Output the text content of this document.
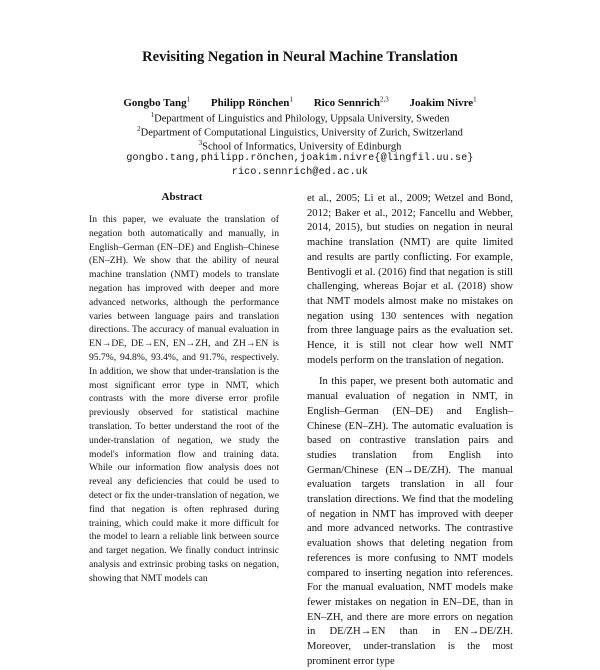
Revisiting Negation in Neural Machine Translation
Gongbo Tang$^1$ Philipp Rönchen$^1$ Rico Sennrich$^{2,3}$ Joakim Nivre$^1$
$^1$Department of Linguistics and Philology, Uppsala University, Sweden
$^2$Department of Computational Linguistics, University of Zurich, Switzerland
$^3$School of Informatics, University of Edinburgh
gongbo.tang,philipp.rönchen,joakim.nivre{@lingfil.uu.se}
rico.sennrich@ed.ac.uk
Abstract
In this paper, we evaluate the translation of negation both automatically and manually, in English–German (EN–DE) and English–Chinese (EN–ZH). We show that the ability of neural machine translation (NMT) models to translate negation has improved with deeper and more advanced networks, although the performance varies between language pairs and translation directions. The accuracy of manual evaluation in EN→DE, DE→EN, EN→ZH, and ZH→EN is 95.7%, 94.8%, 93.4%, and 91.7%, respectively. In addition, we show that under-translation is the most significant error type in NMT, which contrasts with the more diverse error profile previously observed for statistical machine translation. To better understand the root of the under-translation of negation, we study the model's information flow and training data. While our information flow analysis does not reveal any deficiencies that could be used to detect or fix the under-translation of negation, we find that negation is often rephrased during training, which could make it more difficult for the model to learn a reliable link between source and target negation. We finally conduct intrinsic analysis and extrinsic probing tasks on negation, showing that NMT models can

et al., 2005; Li et al., 2009; Wetzel and Bond, 2012; Baker et al., 2012; Fancellu and Webber, 2014, 2015), but studies on negation in neural machine translation (NMT) are quite limited and results are partly conflicting. For example, Bentivogli et al. (2016) find that negation is still challenging, whereas Bojar et al. (2018) show that NMT models almost make no mistakes on negation using 130 sentences with negation from three language pairs as the evaluation set. Hence, it is still not clear how well NMT models perform on the translation of negation.

In this paper, we present both automatic and manual evaluation of negation in NMT, in English–German (EN–DE) and English–Chinese (EN–ZH). The automatic evaluation is based on contrastive translation pairs and studies translation from English into German/Chinese (EN→DE/ZH). The manual evaluation targets translation in all four translation directions. We find that the modeling of negation in NMT has improved with deeper and more advanced networks. The contrastive evaluation shows that deleting negation from references is more confusing to NMT models compared to inserting negation into references. For the manual evaluation, NMT models make fewer mistakes on negation in EN–DE, than in EN–ZH, and there are more errors on negation in DE/ZH→EN than in EN→DE/ZH. Moreover, under-translation is the most prominent error type
